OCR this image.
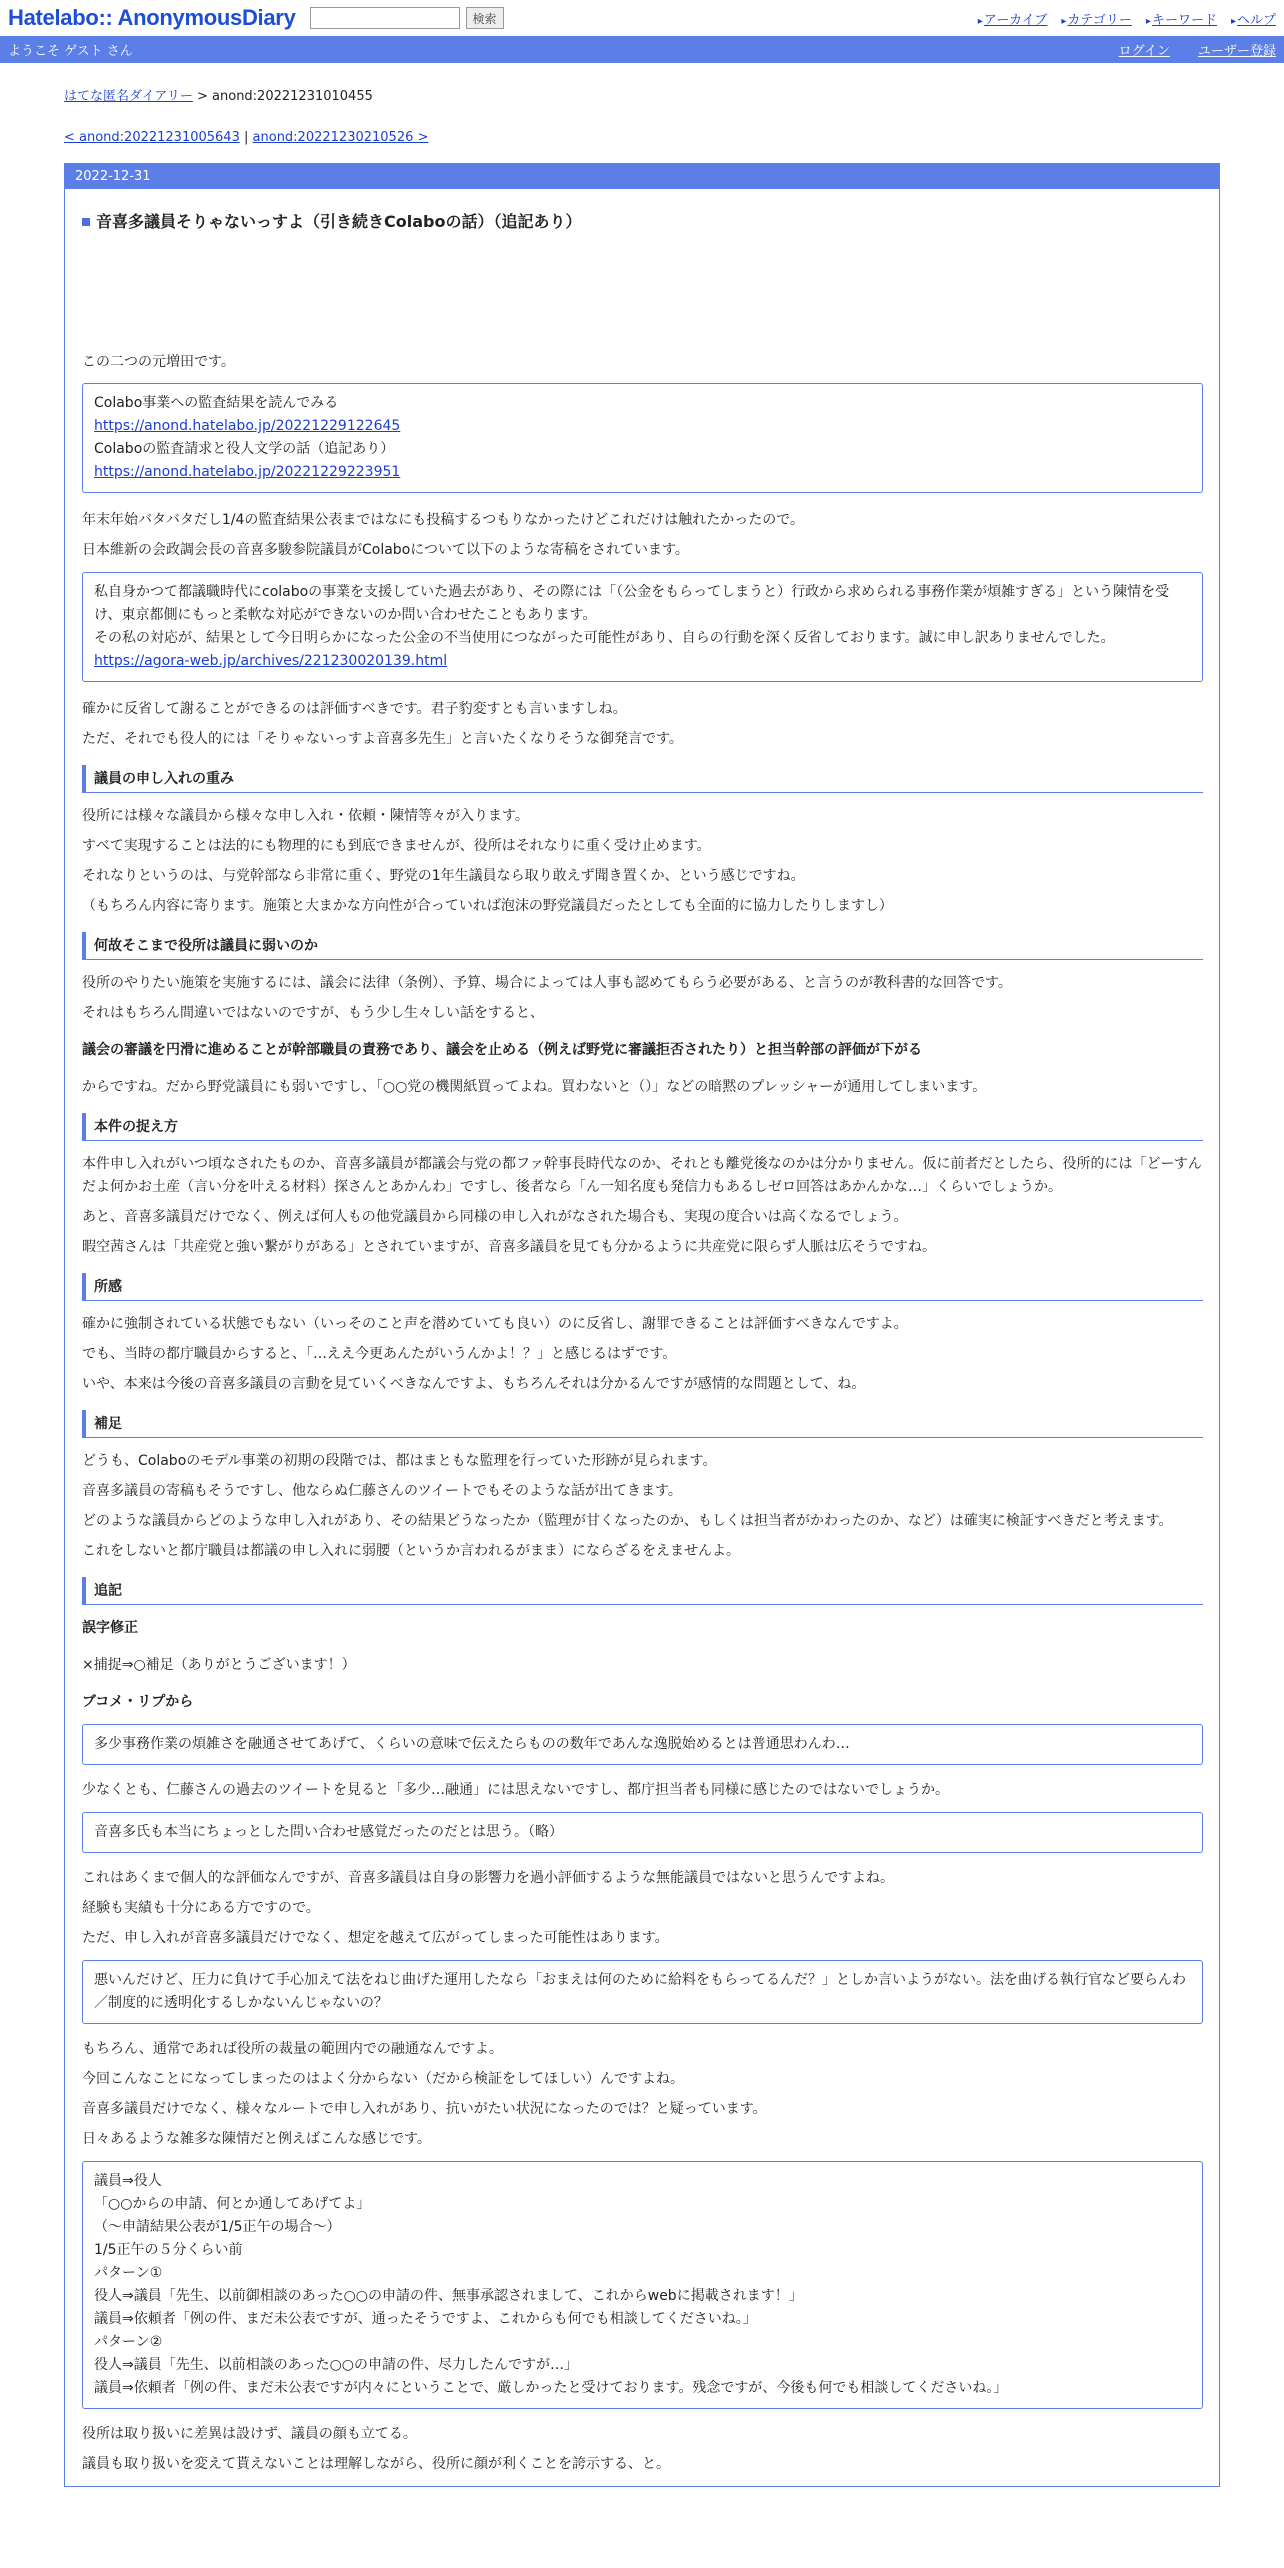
Hatelabo:: AnonymousDiary	検索	▸ アーカイブ	▸ カテゴリー	▸ キーワード	▸ ヘルプ
ようこそ ゲスト さん	ログイン ユーザー登録
はてな匿名ダイアリー > anond:20221231010455
< anond:20221231005643 | anond:20221230210526 >
2022-12-31
音喜多議員そりゃないっすよ（引き続きColaboの話）（追記あり）

この二つの元増田です。

Colabo事業への監査結果を読んでみる
https://anond.hatelabo.jp/20221229122645
Colaboの監査請求と役人文学の話（追記あり）
https://anond.hatelabo.jp/20221229223951

年末年始バタバタだし1/4の監査結果公表まではなにも投稿するつもりなかったけどこれだけは触れたかったので。

日本維新の会政調会長の音喜多駿参院議員がColaboについて以下のような寄稿をされています。

私自身かつて都議職時代にcolaboの事業を支援していた過去があり、その際には「（公金をもらってしまうと）行政から求められる事務作業が煩雑すぎる」という陳情を受け、東京都側にもっと柔軟な対応ができないのか問い合わせたこともあります。
その私の対応が、結果として今日明らかになった公金の不当使用につながった可能性があり、自らの行動を深く反省しております。誠に申し訳ありませんでした。
https://agora-web.jp/archives/221230020139.html

確かに反省して謝ることができるのは評価すべきです。君子豹変すとも言いますしね。

ただ、それでも役人的には「そりゃないっすよ音喜多先生」と言いたくなりそうな御発言です。

議員の申し入れの重み

役所には様々な議員から様々な申し入れ・依頼・陳情等々が入ります。

すべて実現することは法的にも物理的にも到底できませんが、役所はそれなりに重く受け止めます。

それなりというのは、与党幹部なら非常に重く、野党の1年生議員なら取り敢えず聞き置くか、という感じですね。

（もちろん内容に寄ります。施策と大まかな方向性が合っていれば泡沫の野党議員だったとしても全面的に協力したりしますし）

何故そこまで役所は議員に弱いのか

役所のやりたい施策を実施するには、議会に法律（条例）、予算、場合によっては人事も認めてもらう必要がある、と言うのが教科書的な回答です。

それはもちろん間違いではないのですが、もう少し生々しい話をすると、

議会の審議を円滑に進めることが幹部職員の責務であり、議会を止める（例えば野党に審議拒否されたり）と担当幹部の評価が下がる

からですね。だから野党議員にも弱いですし、「○○党の機関紙買ってよね。買わないと（）」などの暗黙のプレッシャーが通用してしまいます。

本件の捉え方

本件申し入れがいつ頃なされたものか、音喜多議員が都議会与党の都ファ幹事長時代なのか、それとも離党後なのかは分かりません。仮に前者だとしたら、役所的には「どーすんだよ何かお土産（言い分を叶える材料）探さんとあかんわ」ですし、後者なら「ん一知名度も発信力もあるしゼロ回答はあかんかな…」くらいでしょうか。

あと、音喜多議員だけでなく、例えば何人もの他党議員から同様の申し入れがなされた場合も、実現の度合いは高くなるでしょう。

暇空茜さんは「共産党と強い繋がりがある」とされていますが、音喜多議員を見ても分かるように共産党に限らず人脈は広そうですね。

所感

確かに強制されている状態でもない（いっそのこと声を潜めていても良い）のに反省し、謝罪できることは評価すべきなんですよ。

でも、当時の都庁職員からすると、「…ええ今更あんたがいうんかよ！？」と感じるはずです。

いや、本来は今後の音喜多議員の言動を見ていくべきなんですよ、もちろんそれは分かるんですが感情的な問題として、ね。

補足

どうも、Colaboのモデル事業の初期の段階では、都はまともな監理を行っていた形跡が見られます。

音喜多議員の寄稿もそうですし、他ならぬ仁藤さんのツイートでもそのような話が出てきます。

どのような議員からどのような申し入れがあり、その結果どうなったか（監理が甘くなったのか、もしくは担当者がかわったのか、など）は確実に検証すべきだと考えます。

これをしないと都庁職員は都議の申し入れに弱腰（というか言われるがまま）にならざるをえませんよ。

追記

誤字修正

×捕捉⇒○補足（ありがとうございます！）

ブコメ・リプから

多少事務作業の煩雑さを融通させてあげて、くらいの意味で伝えたらものの数年であんな逸脱始めるとは普通思わんわ…

少なくとも、仁藤さんの過去のツイートを見ると「多少…融通」には思えないですし、都庁担当者も同様に感じたのではないでしょうか。

音喜多氏も本当にちょっとした問い合わせ感覚だったのだとは思う。（略）

これはあくまで個人的な評価なんですが、音喜多議員は自身の影響力を過小評価するような無能議員ではないと思うんですよね。

経験も実績も十分にある方ですので。

ただ、申し入れが音喜多議員だけでなく、想定を越えて広がってしまった可能性はあります。

悪いんだけど、圧力に負けて手心加えて法をねじ曲げた運用したなら「おまえは何のために給料をもらってるんだ？」としか言いようがない。法を曲げる執行官など要らんわ／制度的に透明化するしかないんじゃないの？

もちろん、通常であれば役所の裁量の範囲内での融通なんですよ。

今回こんなことになってしまったのはよく分からない（だから検証をしてほしい）んですよね。

音喜多議員だけでなく、様々なルートで申し入れがあり、抗いがたい状況になったのでは？と疑っています。

日々あるような雑多な陳情だと例えばこんな感じです。

議員⇒役人
「○○からの申請、何とか通してあげてよ」
（～申請結果公表が1/5正午の場合～）
1/5正午の５分くらい前
パターン①
役人⇒議員「先生、以前御相談のあった○○の申請の件、無事承認されまして、これからwebに掲載されます！」
議員⇒依頼者「例の件、まだ未公表ですが、通ったそうですよ、これからも何でも相談してくださいね。」
パターン②
役人⇒議員「先生、以前相談のあった○○の申請の件、尽力したんですが…」
議員⇒依頼者「例の件、まだ未公表ですが内々にということで、厳しかったと受けております。残念ですが、今後も何でも相談してくださいね。」

役所は取り扱いに差異は設けず、議員の顔も立てる。

議員も取り扱いを変えて貰えないことは理解しながら、役所に顔が利くことを誇示する、と。
